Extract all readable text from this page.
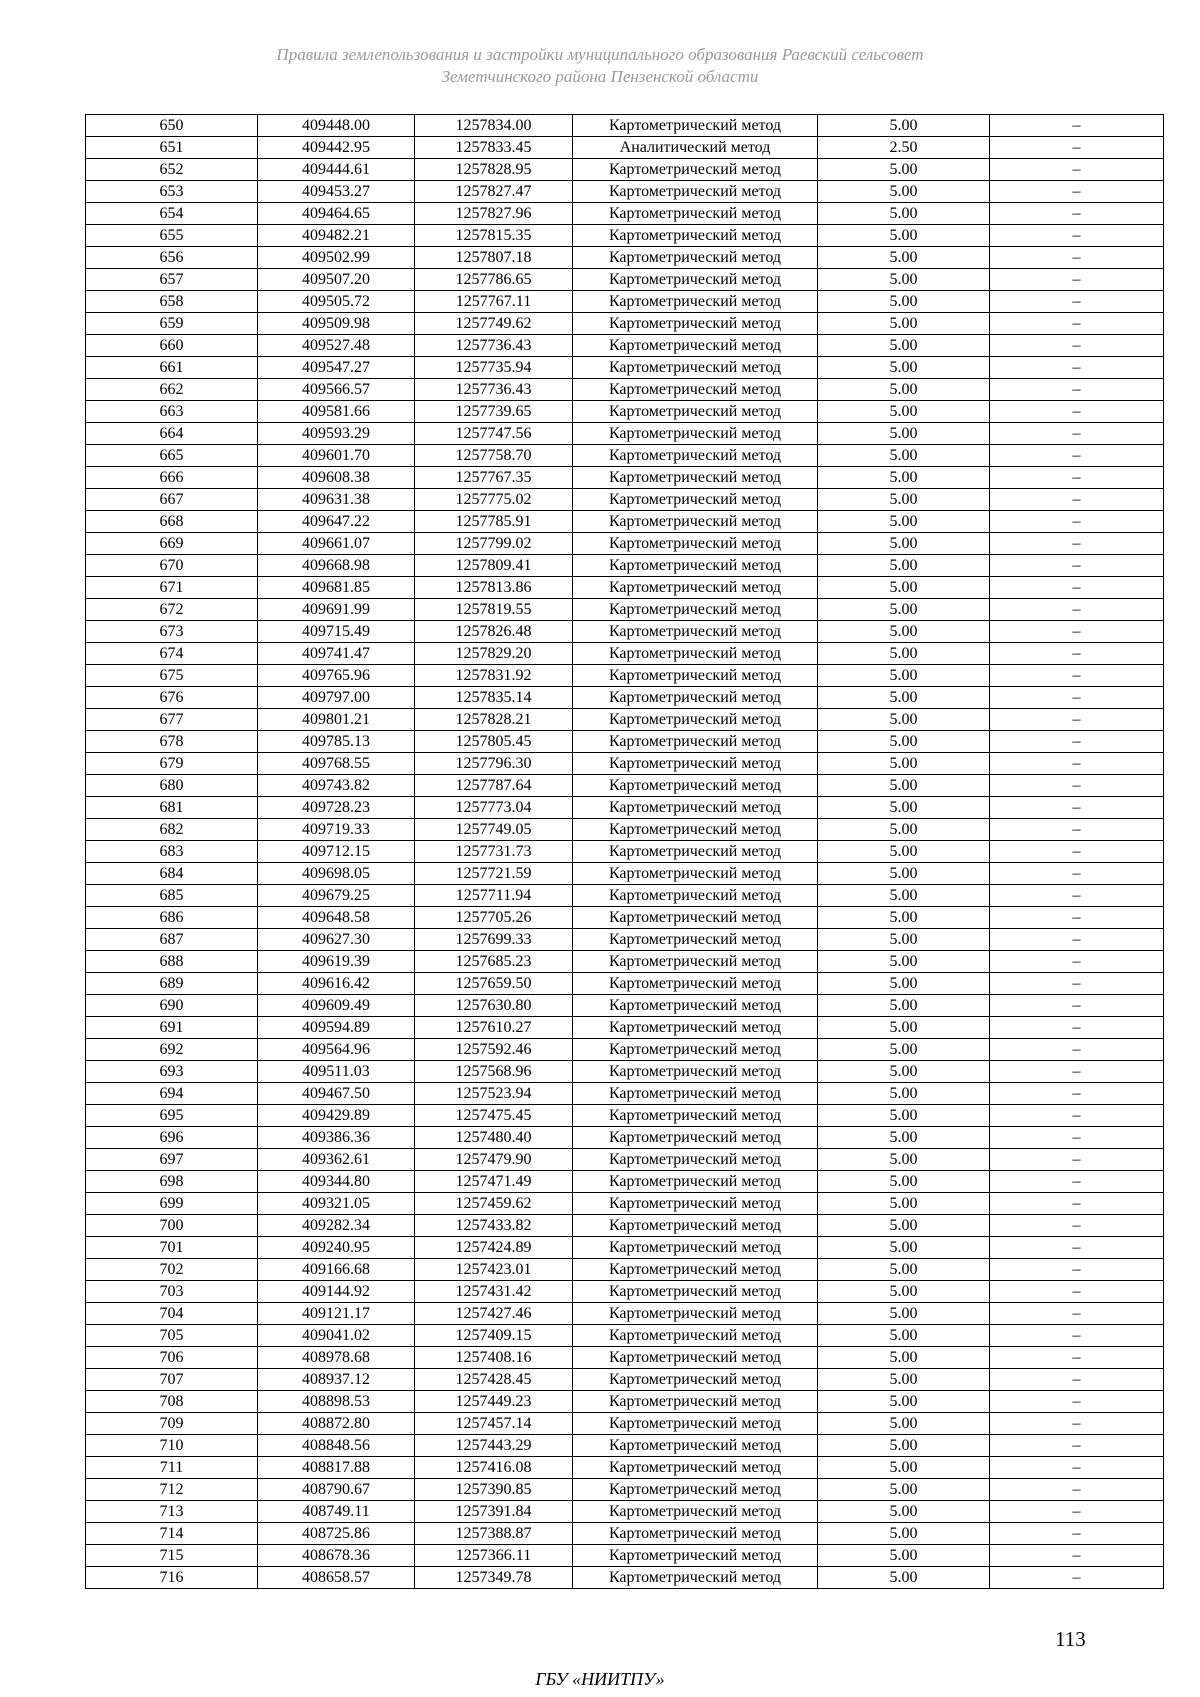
Правила землепользования и застройки муниципального образования Раевский сельсовет
Земетчинского района Пензенской области
650	409448.00	1257834.00	Картометрический метод	5.00	–
651	409442.95	1257833.45	Аналитический метод	2.50	–
652	409444.61	1257828.95	Картометрический метод	5.00	–
653	409453.27	1257827.47	Картометрический метод	5.00	–
654	409464.65	1257827.96	Картометрический метод	5.00	–
655	409482.21	1257815.35	Картометрический метод	5.00	–
656	409502.99	1257807.18	Картометрический метод	5.00	–
657	409507.20	1257786.65	Картометрический метод	5.00	–
658	409505.72	1257767.11	Картометрический метод	5.00	–
659	409509.98	1257749.62	Картометрический метод	5.00	–
660	409527.48	1257736.43	Картометрический метод	5.00	–
661	409547.27	1257735.94	Картометрический метод	5.00	–
662	409566.57	1257736.43	Картометрический метод	5.00	–
663	409581.66	1257739.65	Картометрический метод	5.00	–
664	409593.29	1257747.56	Картометрический метод	5.00	–
665	409601.70	1257758.70	Картометрический метод	5.00	–
666	409608.38	1257767.35	Картометрический метод	5.00	–
667	409631.38	1257775.02	Картометрический метод	5.00	–
668	409647.22	1257785.91	Картометрический метод	5.00	–
669	409661.07	1257799.02	Картометрический метод	5.00	–
670	409668.98	1257809.41	Картометрический метод	5.00	–
671	409681.85	1257813.86	Картометрический метод	5.00	–
672	409691.99	1257819.55	Картометрический метод	5.00	–
673	409715.49	1257826.48	Картометрический метод	5.00	–
674	409741.47	1257829.20	Картометрический метод	5.00	–
675	409765.96	1257831.92	Картометрический метод	5.00	–
676	409797.00	1257835.14	Картометрический метод	5.00	–
677	409801.21	1257828.21	Картометрический метод	5.00	–
678	409785.13	1257805.45	Картометрический метод	5.00	–
679	409768.55	1257796.30	Картометрический метод	5.00	–
680	409743.82	1257787.64	Картометрический метод	5.00	–
681	409728.23	1257773.04	Картометрический метод	5.00	–
682	409719.33	1257749.05	Картометрический метод	5.00	–
683	409712.15	1257731.73	Картометрический метод	5.00	–
684	409698.05	1257721.59	Картометрический метод	5.00	–
685	409679.25	1257711.94	Картометрический метод	5.00	–
686	409648.58	1257705.26	Картометрический метод	5.00	–
687	409627.30	1257699.33	Картометрический метод	5.00	–
688	409619.39	1257685.23	Картометрический метод	5.00	–
689	409616.42	1257659.50	Картометрический метод	5.00	–
690	409609.49	1257630.80	Картометрический метод	5.00	–
691	409594.89	1257610.27	Картометрический метод	5.00	–
692	409564.96	1257592.46	Картометрический метод	5.00	–
693	409511.03	1257568.96	Картометрический метод	5.00	–
694	409467.50	1257523.94	Картометрический метод	5.00	–
695	409429.89	1257475.45	Картометрический метод	5.00	–
696	409386.36	1257480.40	Картометрический метод	5.00	–
697	409362.61	1257479.90	Картометрический метод	5.00	–
698	409344.80	1257471.49	Картометрический метод	5.00	–
699	409321.05	1257459.62	Картометрический метод	5.00	–
700	409282.34	1257433.82	Картометрический метод	5.00	–
701	409240.95	1257424.89	Картометрический метод	5.00	–
702	409166.68	1257423.01	Картометрический метод	5.00	–
703	409144.92	1257431.42	Картометрический метод	5.00	–
704	409121.17	1257427.46	Картометрический метод	5.00	–
705	409041.02	1257409.15	Картометрический метод	5.00	–
706	408978.68	1257408.16	Картометрический метод	5.00	–
707	408937.12	1257428.45	Картометрический метод	5.00	–
708	408898.53	1257449.23	Картометрический метод	5.00	–
709	408872.80	1257457.14	Картометрический метод	5.00	–
710	408848.56	1257443.29	Картометрический метод	5.00	–
711	408817.88	1257416.08	Картометрический метод	5.00	–
712	408790.67	1257390.85	Картометрический метод	5.00	–
713	408749.11	1257391.84	Картометрический метод	5.00	–
714	408725.86	1257388.87	Картометрический метод	5.00	–
715	408678.36	1257366.11	Картометрический метод	5.00	–
716	408658.57	1257349.78	Картометрический метод	5.00	–
113
ГБУ «НИИТПУ»
